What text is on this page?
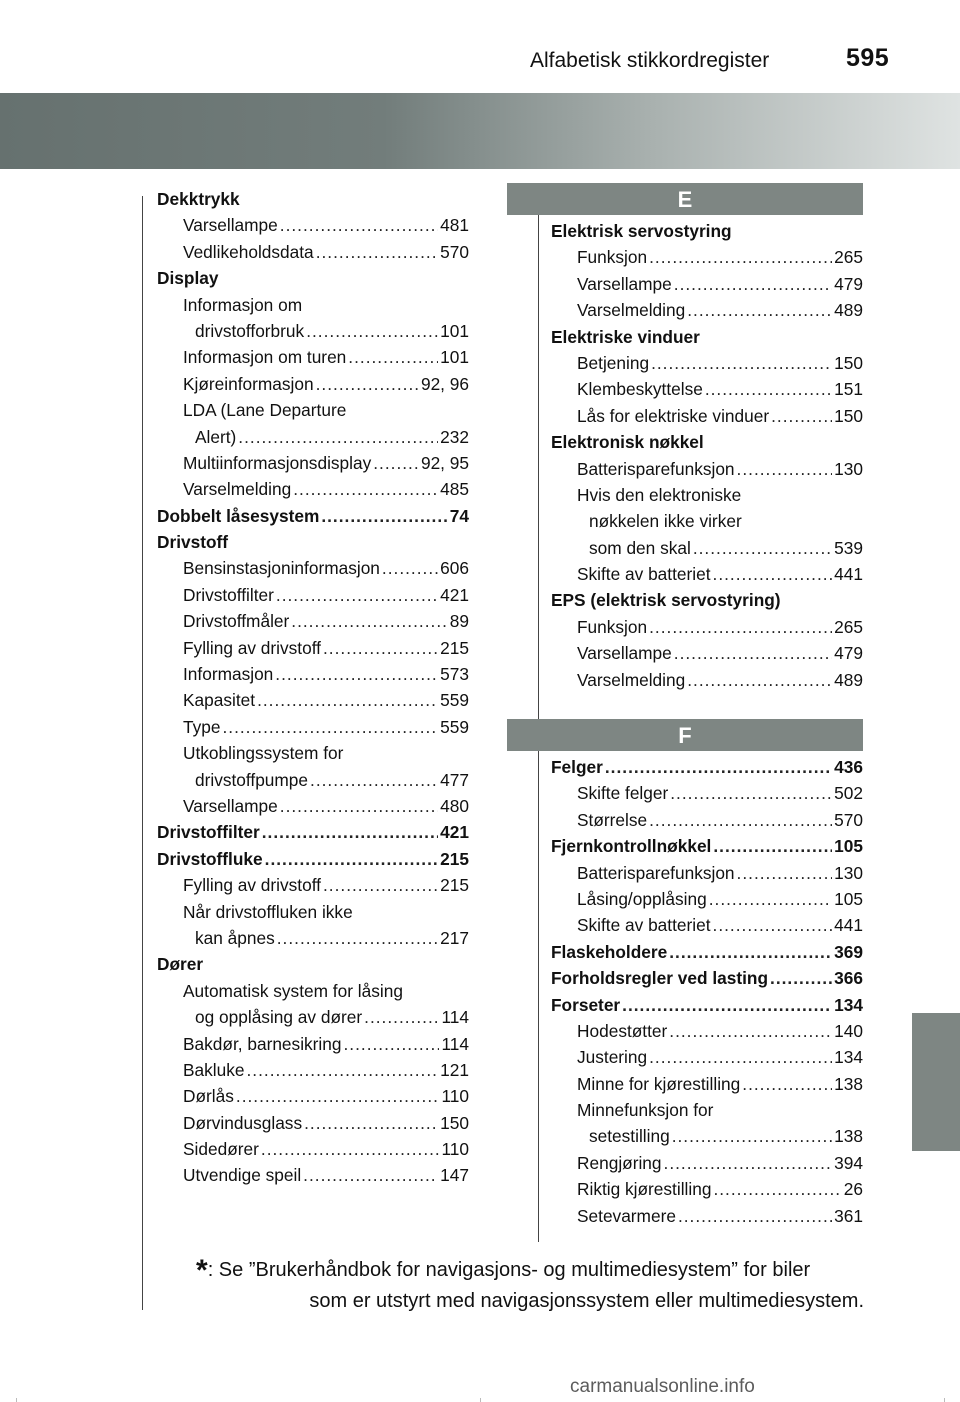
595
Alfabetisk stikkordregister
Dekktrykk
Varsellampe .....	481
Vedlikeholdsdata .....	570
Display
Informasjon om
drivstofforbruk .....	101
Informasjon om turen .....	101
Kjøreinformasjon .....	92, 96
LDA (Lane Departure
Alert) .....	232
Multiinformasjonsdisplay .....	92, 95
Varselmelding .....	485
Dobbelt låsesystem .....	74
Drivstoff
Bensinstasjoninformasjon .....	606
Drivstoffilter .....	421
Drivstoffmåler .....	89
Fylling av drivstoff .....	215
Informasjon .....	573
Kapasitet .....	559
Type .....	559
Utkoblingssystem for
drivstoffpumpe .....	477
Varsellampe .....	480
Drivstoffilter .....	421
Drivstoffluke .....	215
Fylling av drivstoff .....	215
Når drivstoffluken ikke
kan åpnes .....	217
Dører
Automatisk system for låsing
og opplåsing av dører .....	114
Bakdør, barnesikring .....	114
Bakluke .....	121
Dørlås .....	110
Dørvindusglass .....	150
Sidedører .....	110
Utvendige speil .....	147
E
Elektrisk servostyring
Funksjon .....	265
Varsellampe .....	479
Varselmelding .....	489
Elektriske vinduer
Betjening .....	150
Klembeskyttelse .....	151
Lås for elektriske vinduer .....	150
Elektronisk nøkkel
Batterisparefunksjon .....	130
Hvis den elektroniske
nøkkelen ikke virker
som den skal .....	539
Skifte av batteriet .....	441
EPS (elektrisk servostyring)
Funksjon .....	265
Varsellampe .....	479
Varselmelding .....	489
F
Felger .....	436
Skifte felger .....	502
Størrelse .....	570
Fjernkontrollnøkkel .....	105
Batterisparefunksjon .....	130
Låsing/opplåsing .....	105
Skifte av batteriet .....	441
Flaskeholdere .....	369
Forholdsregler ved lasting .....	366
Forseter .....	134
Hodestøtter .....	140
Justering .....	134
Minne for kjørestilling .....	138
Minnefunksjon for
setestilling .....	138
Rengjøring .....	394
Riktig kjørestilling .....	26
Setevarmere .....	361
*: Se ”Brukerhåndbok for navigasjons- og multimediesystem” for biler
som er utstyrt med navigasjonssystem eller multimediesystem.
carmanualsonline.info
